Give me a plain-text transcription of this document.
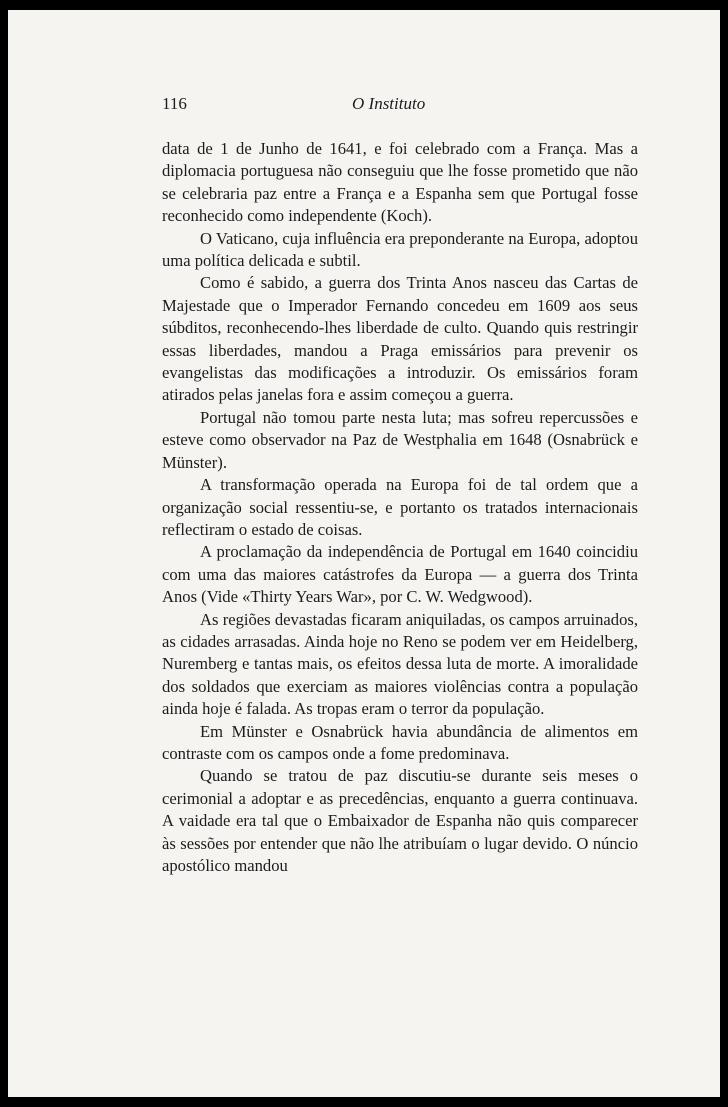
116	O Instituto

data de 1 de Junho de 1641, e foi celebrado com a França. Mas a diplomacia portuguesa não conseguiu que lhe fosse prometido que não se celebraria paz entre a França e a Espanha sem que Portugal fosse reconhecido como independente (Koch).

O Vaticano, cuja influência era preponderante na Europa, adoptou uma política delicada e subtil.

Como é sabido, a guerra dos Trinta Anos nasceu das Cartas de Majestade que o Imperador Fernando concedeu em 1609 aos seus súbditos, reconhecendo-lhes liberdade de culto. Quando quis restringir essas liberdades, mandou a Praga emissários para prevenir os evangelistas das modificações a introduzir. Os emissários foram atirados pelas janelas fora e assim começou a guerra.

Portugal não tomou parte nesta luta; mas sofreu repercussões e esteve como observador na Paz de Westphalia em 1648 (Osnabrück e Münster).

A transformação operada na Europa foi de tal ordem que a organização social ressentiu-se, e portanto os tratados internacionais reflectiram o estado de coisas.

A proclamação da independência de Portugal em 1640 coincidiu com uma das maiores catástrofes da Europa — a guerra dos Trinta Anos (Vide «Thirty Years War», por C. W. Wedgwood).

As regiões devastadas ficaram aniquiladas, os campos arruinados, as cidades arrasadas. Ainda hoje no Reno se podem ver em Heidelberg, Nuremberg e tantas mais, os efeitos dessa luta de morte. A imoralidade dos soldados que exerciam as maiores violências contra a população ainda hoje é falada. As tropas eram o terror da população.

Em Münster e Osnabrück havia abundância de alimentos em contraste com os campos onde a fome predominava.

Quando se tratou de paz discutiu-se durante seis meses o cerimonial a adoptar e as precedências, enquanto a guerra continuava. A vaidade era tal que o Embaixador de Espanha não quis comparecer às sessões por entender que não lhe atribuíam o lugar devido. O núncio apostólico mandou
